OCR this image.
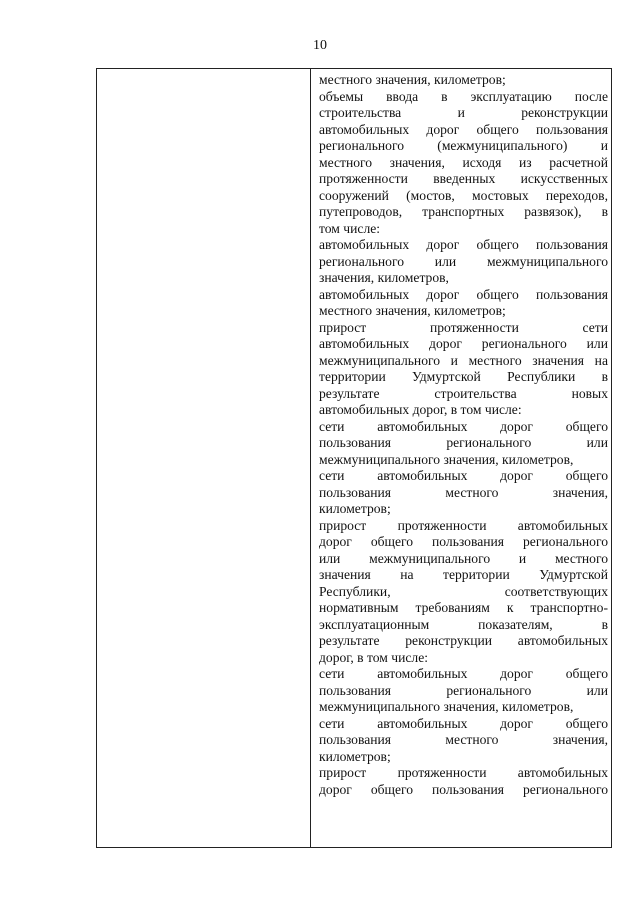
10
местного значения, километров;
объемы ввода в эксплуатацию после
строительства и реконструкции
автомобильных дорог общего пользования
регионального (межмуниципального) и
местного значения, исходя из расчетной
протяженности введенных искусственных
сооружений (мостов, мостовых переходов,
путепроводов, транспортных развязок), в
том числе:
автомобильных дорог общего пользования
регионального или межмуниципального
значения, километров,
автомобильных дорог общего пользования
местного значения, километров;
прирост протяженности сети
автомобильных дорог регионального или
межмуниципального и местного значения на
территории Удмуртской Республики в
результате строительства новых
автомобильных дорог, в том числе:
сети автомобильных дорог общего
пользования регионального или
межмуниципального значения, километров,
сети автомобильных дорог общего
пользования местного значения,
километров;
прирост протяженности автомобильных
дорог общего пользования регионального
или межмуниципального и местного
значения на территории Удмуртской
Республики, соответствующих
нормативным требованиям к транспортно-
эксплуатационным показателям, в
результате реконструкции автомобильных
дорог, в том числе:
сети автомобильных дорог общего
пользования регионального или
межмуниципального значения, километров,
сети автомобильных дорог общего
пользования местного значения,
километров;
прирост протяженности автомобильных
дорог общего пользования регионального
